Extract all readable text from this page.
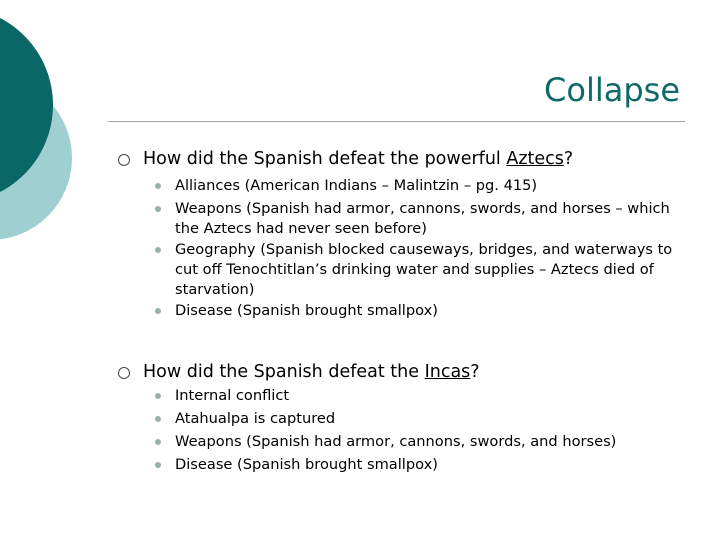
Collapse
How did the Spanish defeat the powerful Aztecs?
Alliances (American Indians – Malintzin – pg. 415)
Weapons (Spanish had armor, cannons, swords, and horses – which the Aztecs had never seen before)
Geography (Spanish blocked causeways, bridges, and waterways to cut off Tenochtitlan’s drinking water and supplies – Aztecs died of starvation)
Disease (Spanish brought smallpox)
How did the Spanish defeat the Incas?
Internal conflict
Atahualpa is captured
Weapons (Spanish had armor, cannons, swords, and horses)
Disease (Spanish brought smallpox)
